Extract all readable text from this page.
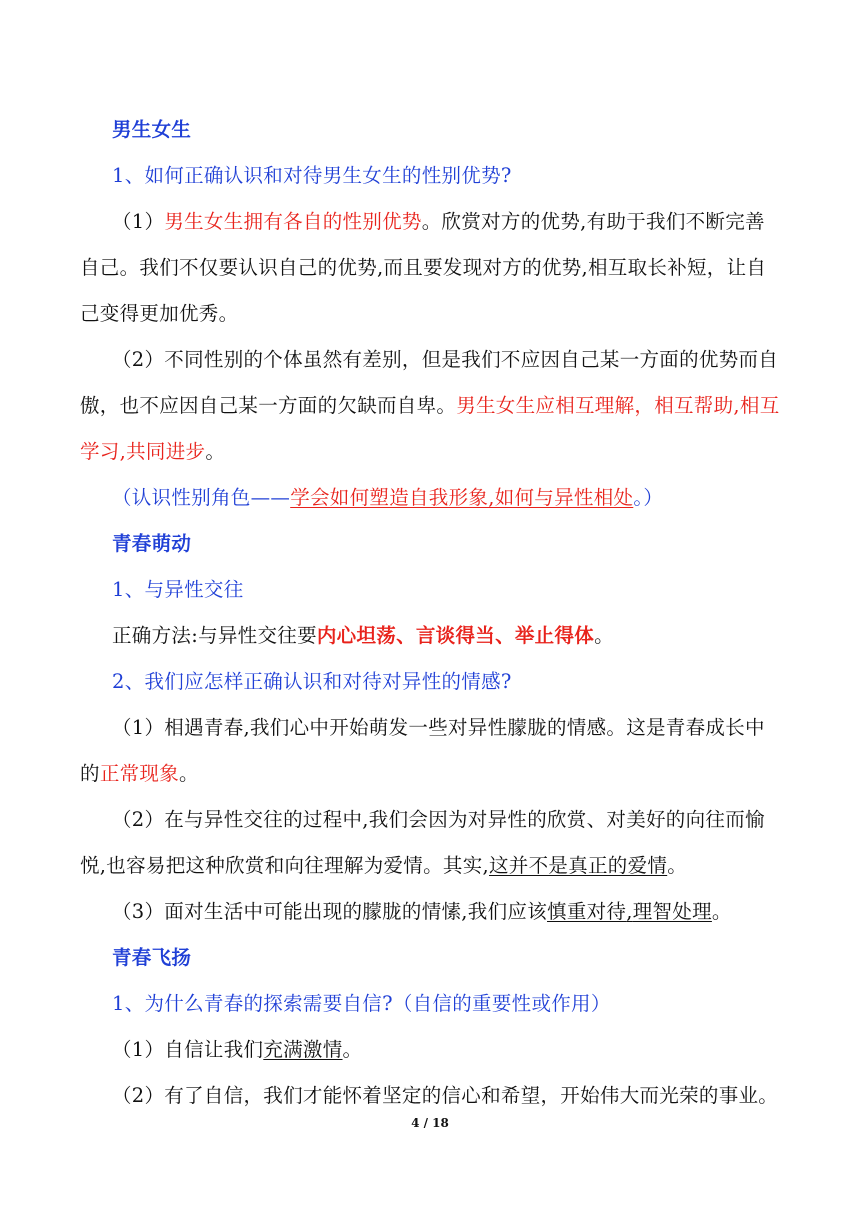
男生女生
1、如何正确认识和对待男生女生的性别优势?
（1）男生女生拥有各自的性别优势。欣赏对方的优势,有助于我们不断完善
自己。我们不仅要认识自己的优势,而且要发现对方的优势,相互取长补短，让自
己变得更加优秀。
（2）不同性别的个体虽然有差别，但是我们不应因自己某一方面的优势而自
傲，也不应因自己某一方面的欠缺而自卑。男生女生应相互理解，相互帮助,相互
学习,共同进步。
（认识性别角色——学会如何塑造自我形象,如何与异性相处。）
青春萌动
1、与异性交往
正确方法:与异性交往要内心坦荡、言谈得当、举止得体。
2、我们应怎样正确认识和对待对异性的情感?
（1）相遇青春,我们心中开始萌发一些对异性朦胧的情感。这是青春成长中
的正常现象。
（2）在与异性交往的过程中,我们会因为对异性的欣赏、对美好的向往而愉
悦,也容易把这种欣赏和向往理解为爱情。其实,这并不是真正的爱情。
（3）面对生活中可能出现的朦胧的情愫,我们应该慎重对待,理智处理。
青春飞扬
1、为什么青春的探索需要自信?（自信的重要性或作用）
（1）自信让我们充满激情。
（2）有了自信，我们才能怀着坚定的信心和希望，开始伟大而光荣的事业。
4 / 18
